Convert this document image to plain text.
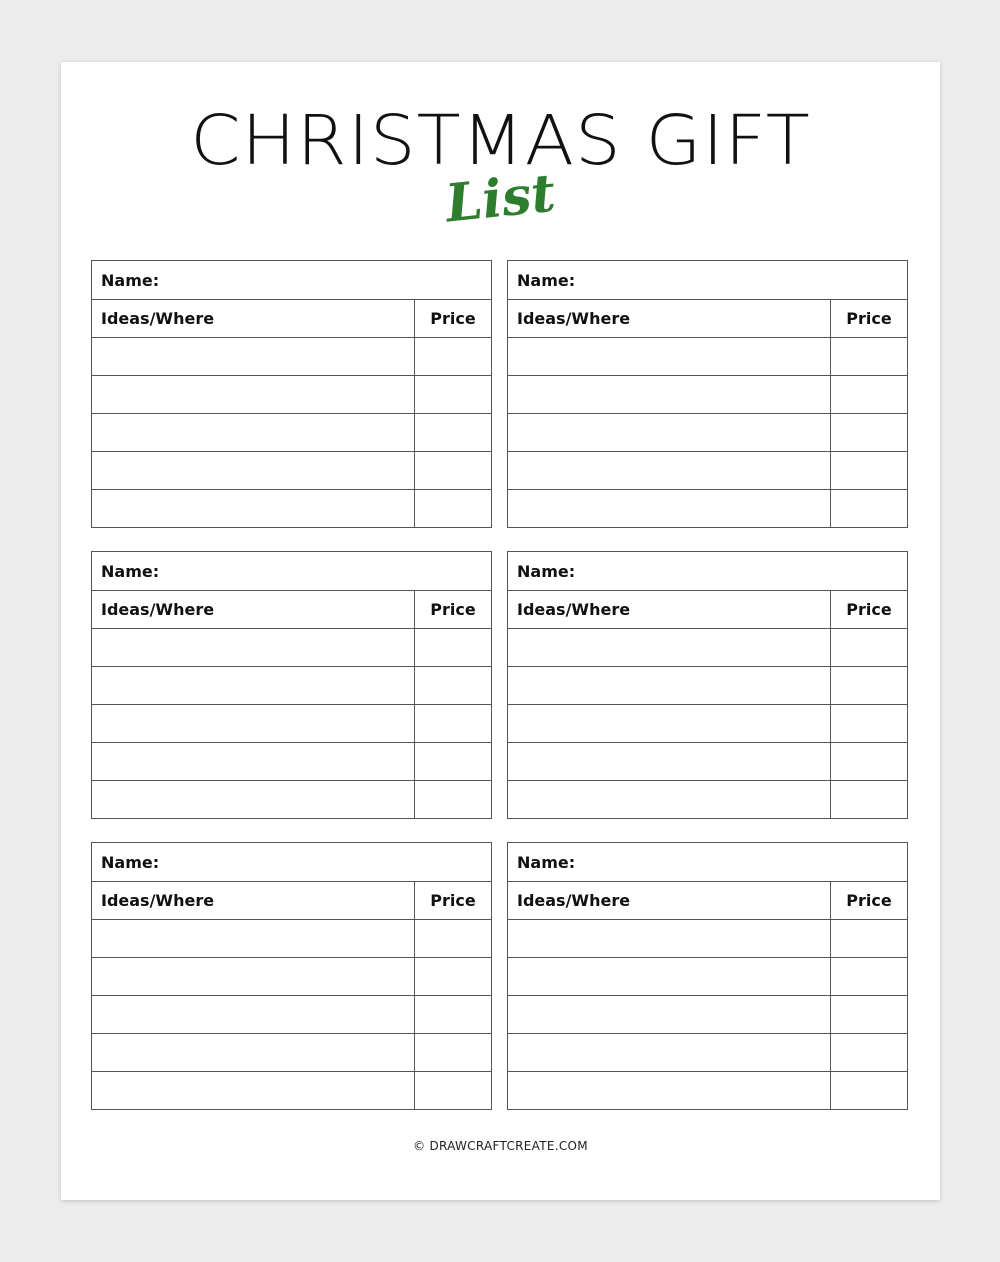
CHRISTMAS GIFT
List
Name:
Ideas/Where	Price
Name:
Ideas/Where	Price
Name:
Ideas/Where	Price
Name:
Ideas/Where	Price
Name:
Ideas/Where	Price
Name:
Ideas/Where	Price
© DRAWCRAFTCREATE.COM
